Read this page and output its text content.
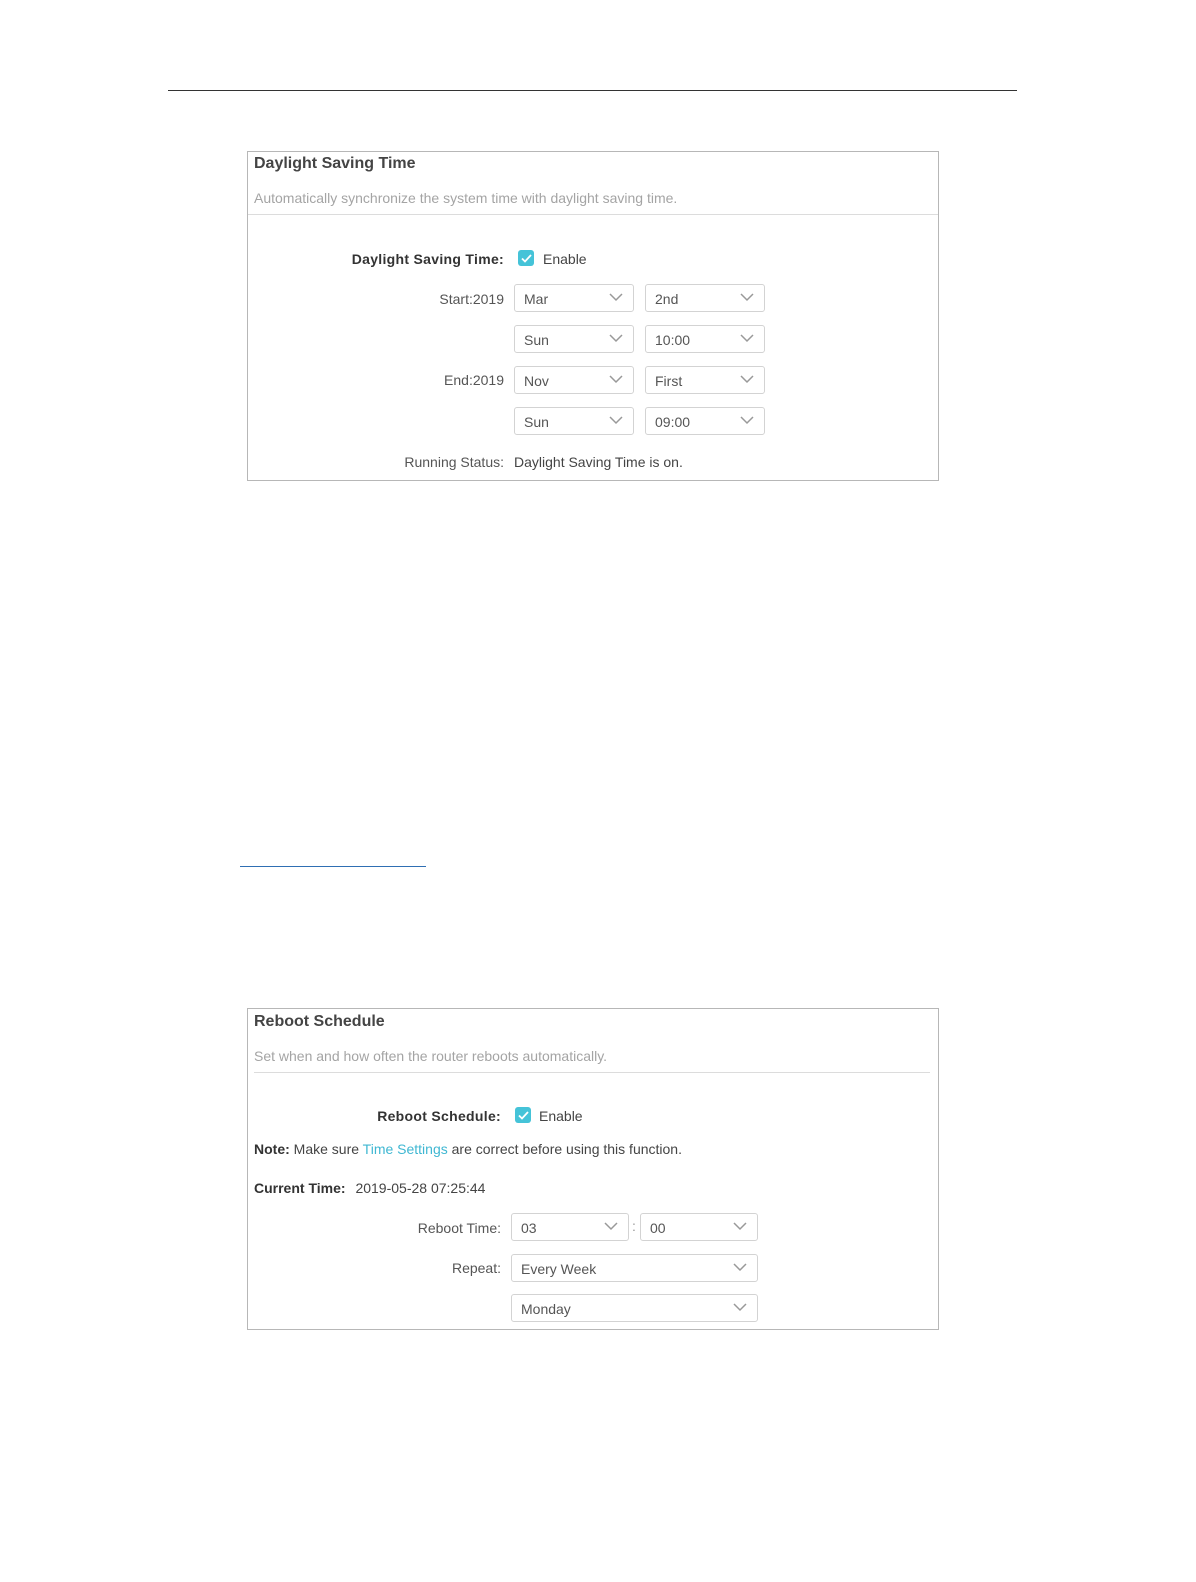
Daylight Saving Time
Automatically synchronize the system time with daylight saving time.
Daylight Saving Time:	Enable
Start:2019 Mar	2nd
Sun	10:00
End:2019 Nov	First
Sun	09:00
Running Status: Daylight Saving Time is on.
Reboot Schedule
Set when and how often the router reboots automatically.
Reboot Schedule:	Enable
Note: Make sure Time Settings are correct before using this function.
Current Time: 2019-05-28 07:25:44
Reboot Time: 03	: 00
Repeat: Every Week
Monday
